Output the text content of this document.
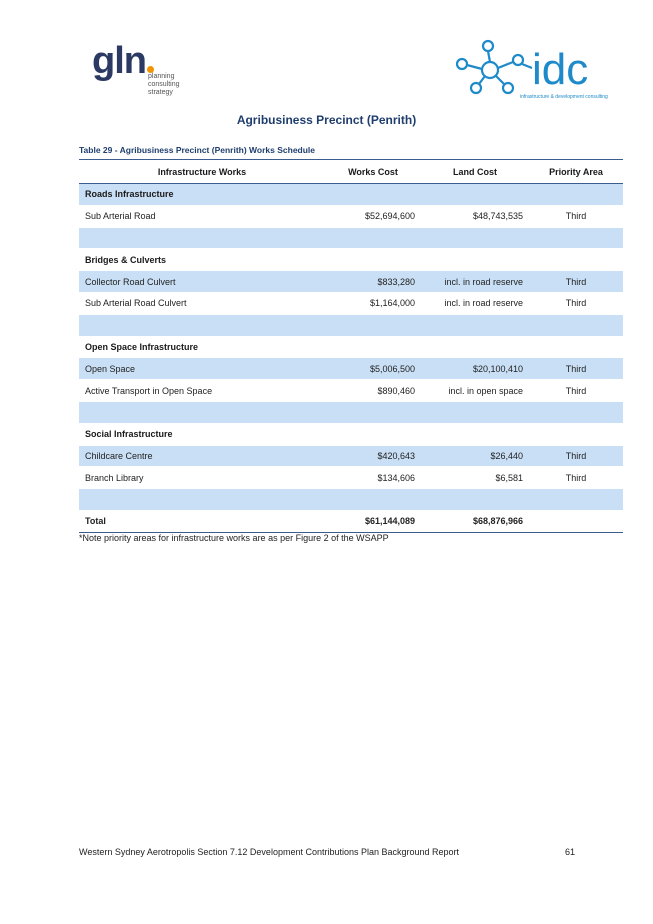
gln planning
consulting
strategy	idc
infrastructure & development consulting
Agribusiness Precinct (Penrith)
Table 29 - Agribusiness Precinct (Penrith) Works Schedule
Infrastructure Works	Works Cost	Land Cost	Priority Area
Roads Infrastructure			
Sub Arterial Road	$52,694,600	$48,743,535	Third

Bridges & Culverts			
Collector Road Culvert	$833,280	incl. in road reserve	Third
Sub Arterial Road Culvert	$1,164,000	incl. in road reserve	Third

Open Space Infrastructure			
Open Space	$5,006,500	$20,100,410	Third
Active Transport in Open Space	$890,460	incl. in open space	Third

Social Infrastructure			
Childcare Centre	$420,643	$26,440	Third
Branch Library	$134,606	$6,581	Third

Total	$61,144,089	$68,876,966	
*Note priority areas for infrastructure works are as per Figure 2 of the WSAPP
Western Sydney Aerotropolis Section 7.12 Development Contributions Plan Background Report	61
